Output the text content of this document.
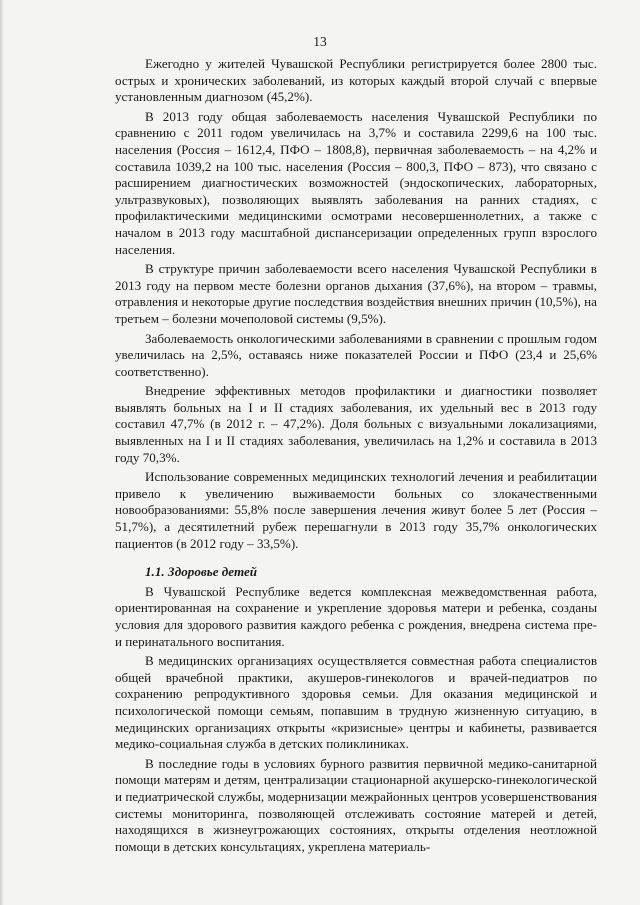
13

Ежегодно у жителей Чувашской Республики регистрируется более 2800 тыс. острых и хронических заболеваний, из которых каждый второй случай с впервые установленным диагнозом (45,2%).

В 2013 году общая заболеваемость населения Чувашской Республики по сравнению с 2011 годом увеличилась на 3,7% и составила 2299,6 на 100 тыс. населения (Россия – 1612,4, ПФО – 1808,8), первичная заболеваемость – на 4,2% и составила 1039,2 на 100 тыс. населения (Россия – 800,3, ПФО – 873), что связано с расширением диагностических возможностей (эндоскопических, лабораторных, ультразвуковых), позволяющих выявлять заболевания на ранних стадиях, с профилактическими медицинскими осмотрами несовершеннолетних, а также с началом в 2013 году масштабной диспансеризации определенных групп взрослого населения.

В структуре причин заболеваемости всего населения Чувашской Республики в 2013 году на первом месте болезни органов дыхания (37,6%), на втором – травмы, отравления и некоторые другие последствия воздействия внешних причин (10,5%), на третьем – болезни мочеполовой системы (9,5%).

Заболеваемость онкологическими заболеваниями в сравнении с прошлым годом увеличилась на 2,5%, оставаясь ниже показателей России и ПФО (23,4 и 25,6% соответственно).

Внедрение эффективных методов профилактики и диагностики позволяет выявлять больных на I и II стадиях заболевания, их удельный вес в 2013 году составил 47,7% (в 2012 г. – 47,2%). Доля больных с визуальными локализациями, выявленных на I и II стадиях заболевания, увеличилась на 1,2% и составила в 2013 году 70,3%.

Использование современных медицинских технологий лечения и реабилитации привело к увеличению выживаемости больных со злокачественными новообразованиями: 55,8% после завершения лечения живут более 5 лет (Россия – 51,7%), а десятилетний рубеж перешагнули в 2013 году 35,7% онкологических пациентов (в 2012 году – 33,5%).

1.1. Здоровье детей

В Чувашской Республике ведется комплексная межведомственная работа, ориентированная на сохранение и укрепление здоровья матери и ребенка, созданы условия для здорового развития каждого ребенка с рождения, внедрена система пре- и перинатального воспитания.

В медицинских организациях осуществляется совместная работа специалистов общей врачебной практики, акушеров-гинекологов и врачей-педиатров по сохранению репродуктивного здоровья семьи. Для оказания медицинской и психологической помощи семьям, попавшим в трудную жизненную ситуацию, в медицинских организациях открыты «кризисные» центры и кабинеты, развивается медико-социальная служба в детских поликлиниках.

В последние годы в условиях бурного развития первичной медико-санитарной помощи матерям и детям, централизации стационарной акушерско-гинекологической и педиатрической службы, модернизации межрайонных центров усовершенствования системы мониторинга, позволяющей отслеживать состояние матерей и детей, находящихся в жизнеугрожающих состояниях, открыты отделения неотложной помощи в детских консультациях, укреплена материаль-
